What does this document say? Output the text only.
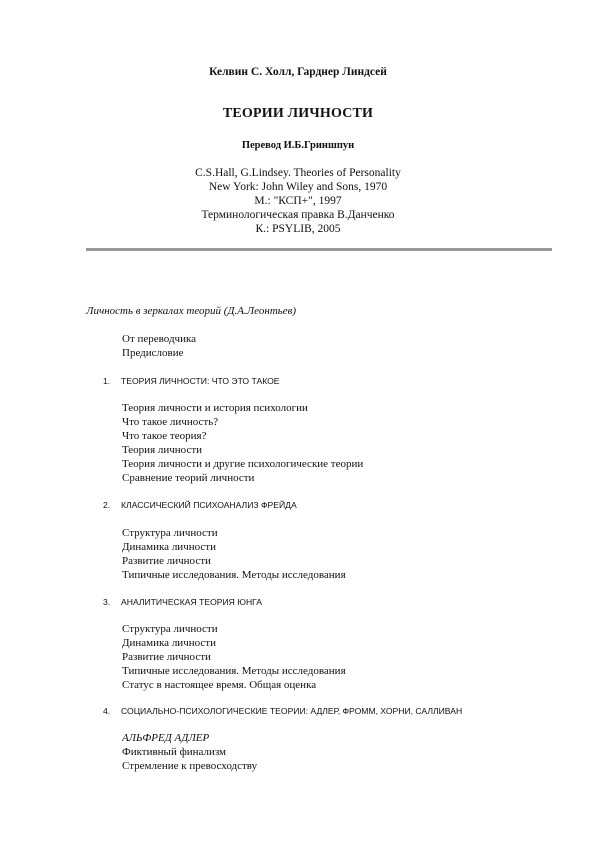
Келвин С. Холл, Гарднер Линдсей
ТЕОРИИ ЛИЧНОСТИ
Перевод И.Б.Гриншпун
C.S.Hall, G.Lindsey. Theories of Personality
New York: John Wiley and Sons, 1970
М.: "КСП+", 1997
Терминологическая правка В.Данченко
К.: PSYLIB, 2005
Личность в зеркалах теорий (Д.А.Леонтьев)
От переводчика
Предисловие
1. ТЕОРИЯ ЛИЧНОСТИ: ЧТО ЭТО ТАКОЕ
Теория личности и история психологии
Что такое личность?
Что такое теория?
Теория личности
Теория личности и другие психологические теории
Сравнение теорий личности
2. КЛАССИЧЕСКИЙ ПСИХОАНАЛИЗ ФРЕЙДА
Структура личности
Динамика личности
Развитие личности
Типичные исследования. Методы исследования
3. АНАЛИТИЧЕСКАЯ ТЕОРИЯ ЮНГА
Структура личности
Динамика личности
Развитие личности
Типичные исследования. Методы исследования
Статус в настоящее время. Общая оценка
4. СОЦИАЛЬНО-ПСИХОЛОГИЧЕСКИЕ ТЕОРИИ: АДЛЕР, ФРОММ, ХОРНИ, САЛЛИВАН
АЛЬФРЕД АДЛЕР
Фиктивный финализм
Стремление к превосходству
